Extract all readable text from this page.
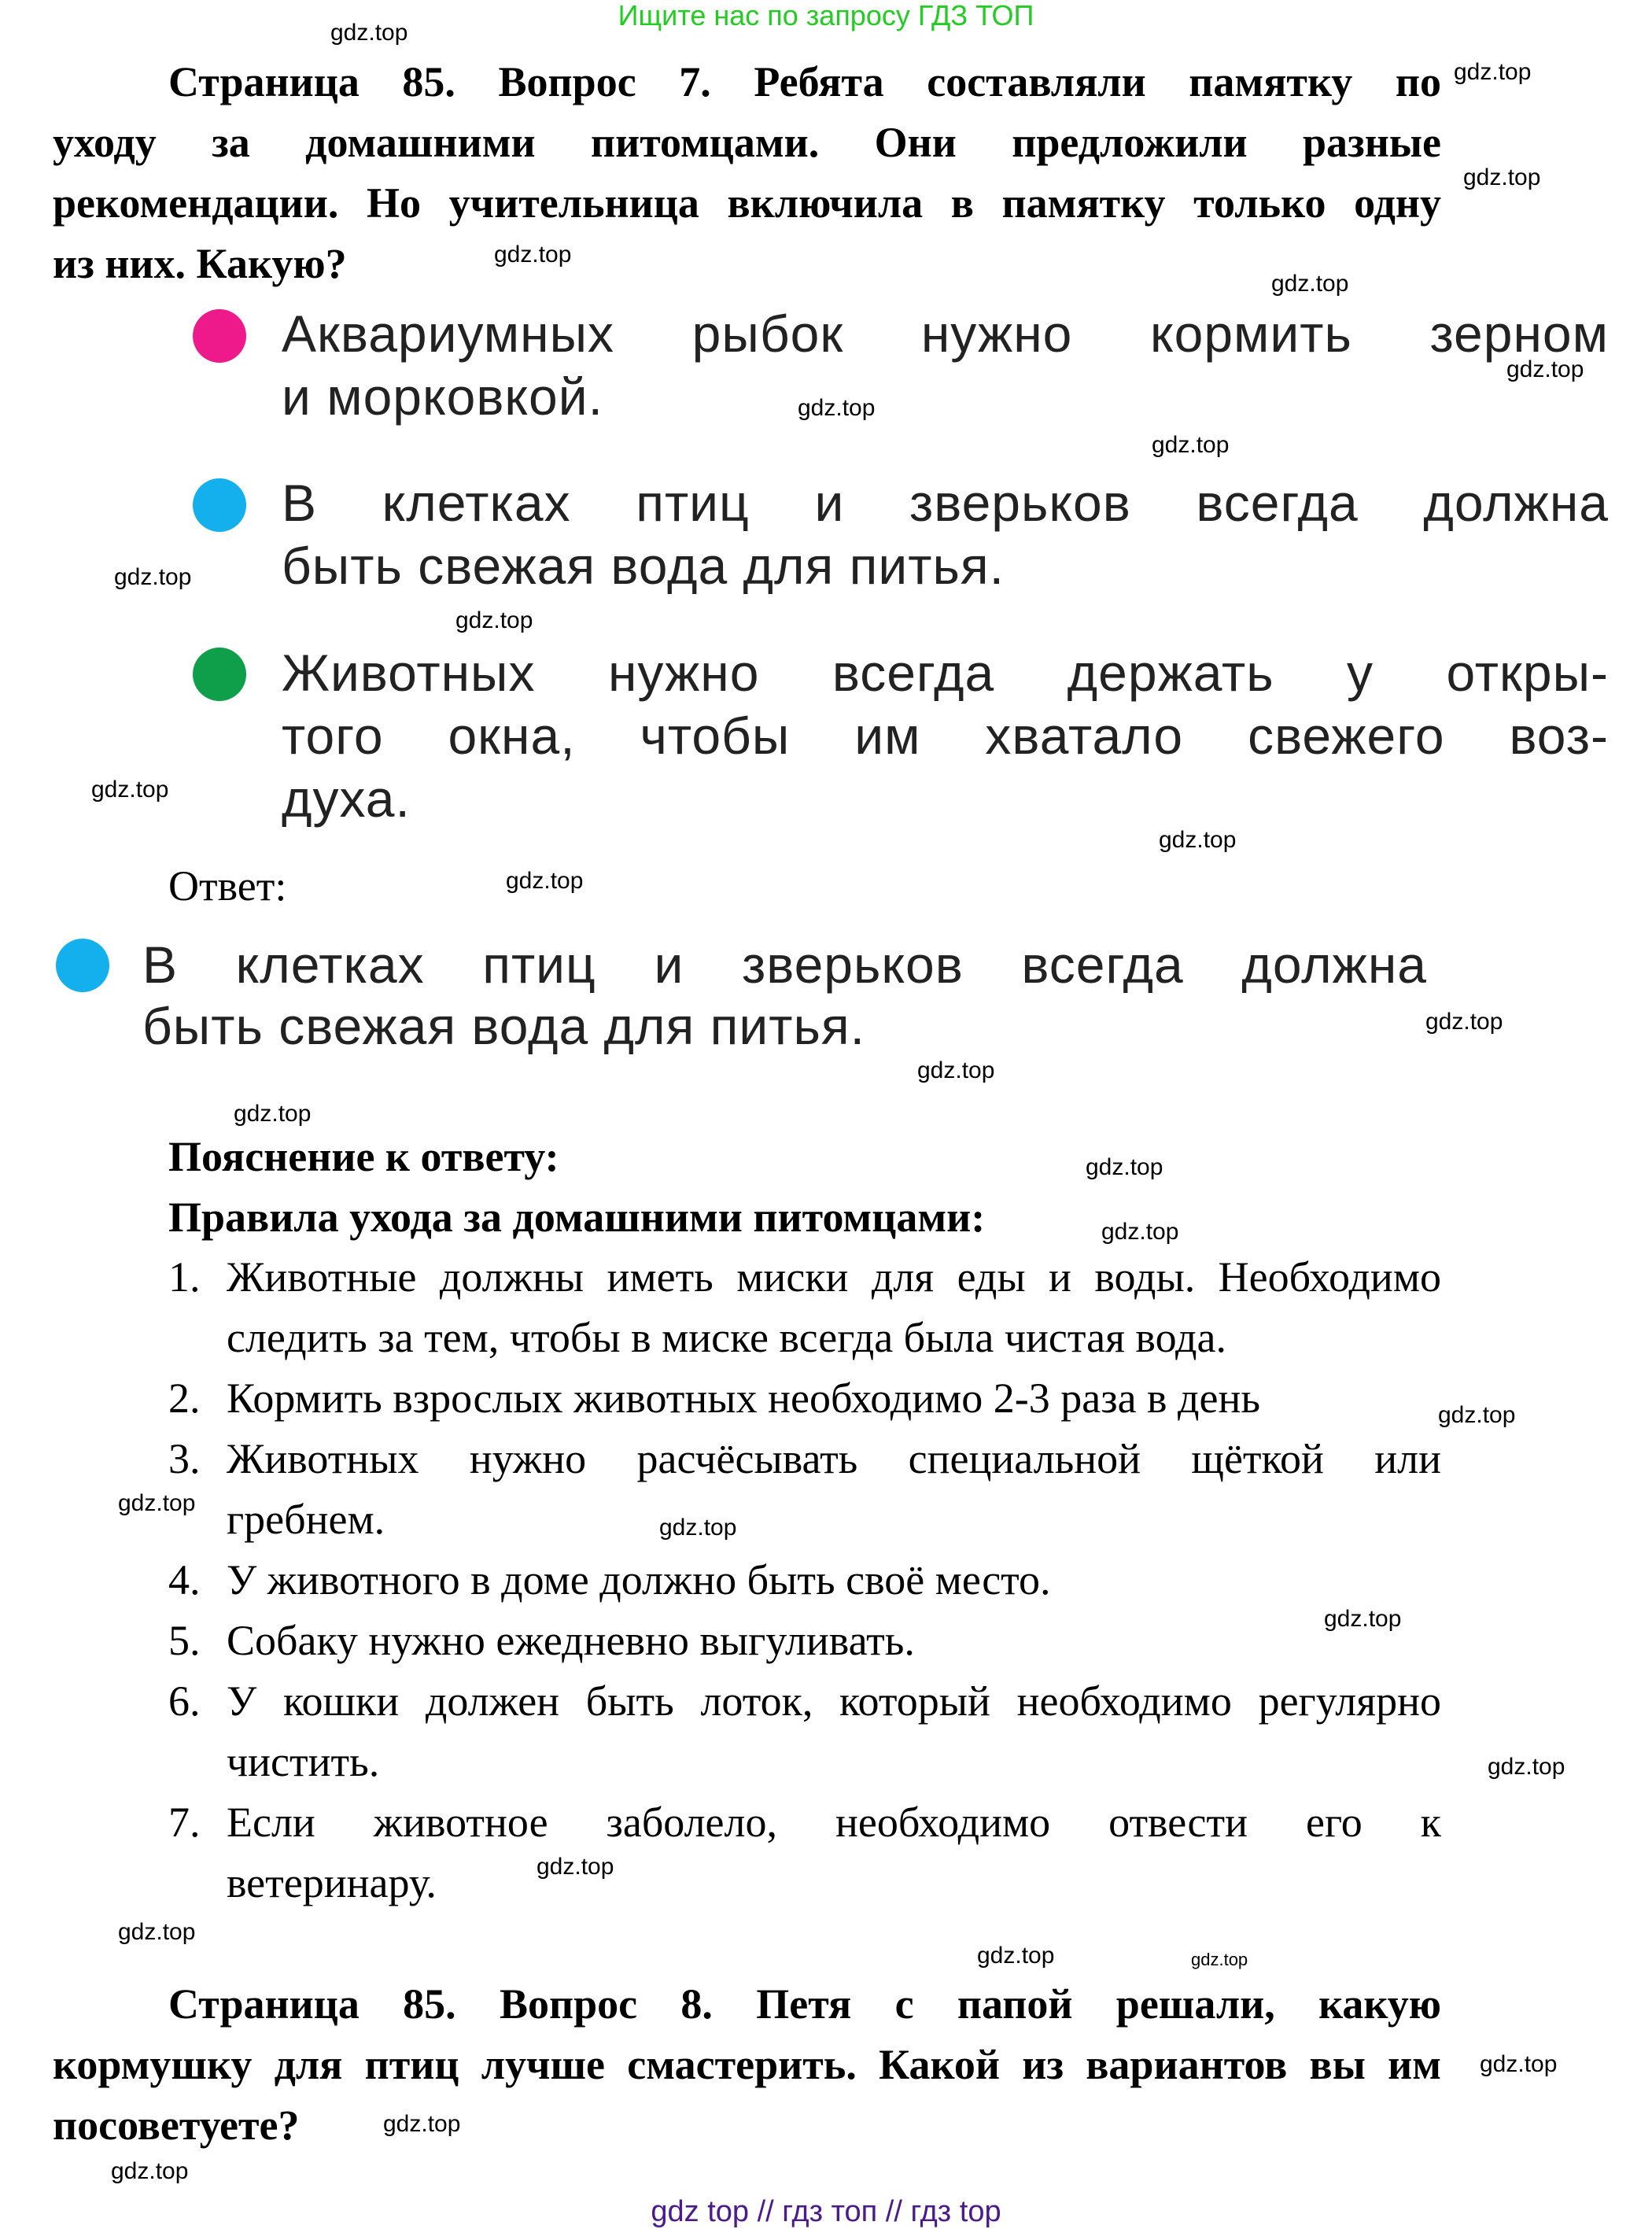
Ищите нас по запросу ГДЗ ТОП
Страница 85. Вопрос 7. Ребята составляли памятку по
уходу за домашними питомцами. Они предложили разные
рекомендации. Но учительница включила в памятку только одну
из них. Какую?
Аквариумных рыбок нужно кормить зерном
и морковкой.
В клетках птиц и зверьков всегда должна
быть свежая вода для питья.
Животных нужно всегда держать у откры-
того окна, чтобы им хватало свежего воз-
духа.
Ответ:
В клетках птиц и зверьков всегда должна
быть свежая вода для питья.
Пояснение к ответу:
Правила ухода за домашними питомцами:
1. Животные должны иметь миски для еды и воды. Необходимо
следить за тем, чтобы в миске всегда была чистая вода.
2. Кормить взрослых животных необходимо 2-3 раза в день
3. Животных нужно расчёсывать специальной щёткой или
гребнем.
4. У животного в доме должно быть своё место.
5. Собаку нужно ежедневно выгуливать.
6. У кошки должен быть лоток, который необходимо регулярно
чистить.
7. Если животное заболело, необходимо отвести его к
ветеринару.
Страница 85. Вопрос 8. Петя с папой решали, какую
кормушку для птиц лучше смастерить. Какой из вариантов вы им
посоветуете?
gdz.top
gdz.top
gdz.top
gdz.top
gdz.top
gdz.top
gdz.top
gdz.top
gdz.top
gdz.top
gdz.top
gdz.top
gdz.top
gdz.top
gdz.top
gdz.top
gdz.top
gdz.top
gdz.top
gdz.top
gdz.top
gdz.top
gdz.top
gdz.top
gdz.top
gdz.top	gdz.top
gdz.top
gdz.top
gdz.top
gdz top // гдз топ // гдз top
